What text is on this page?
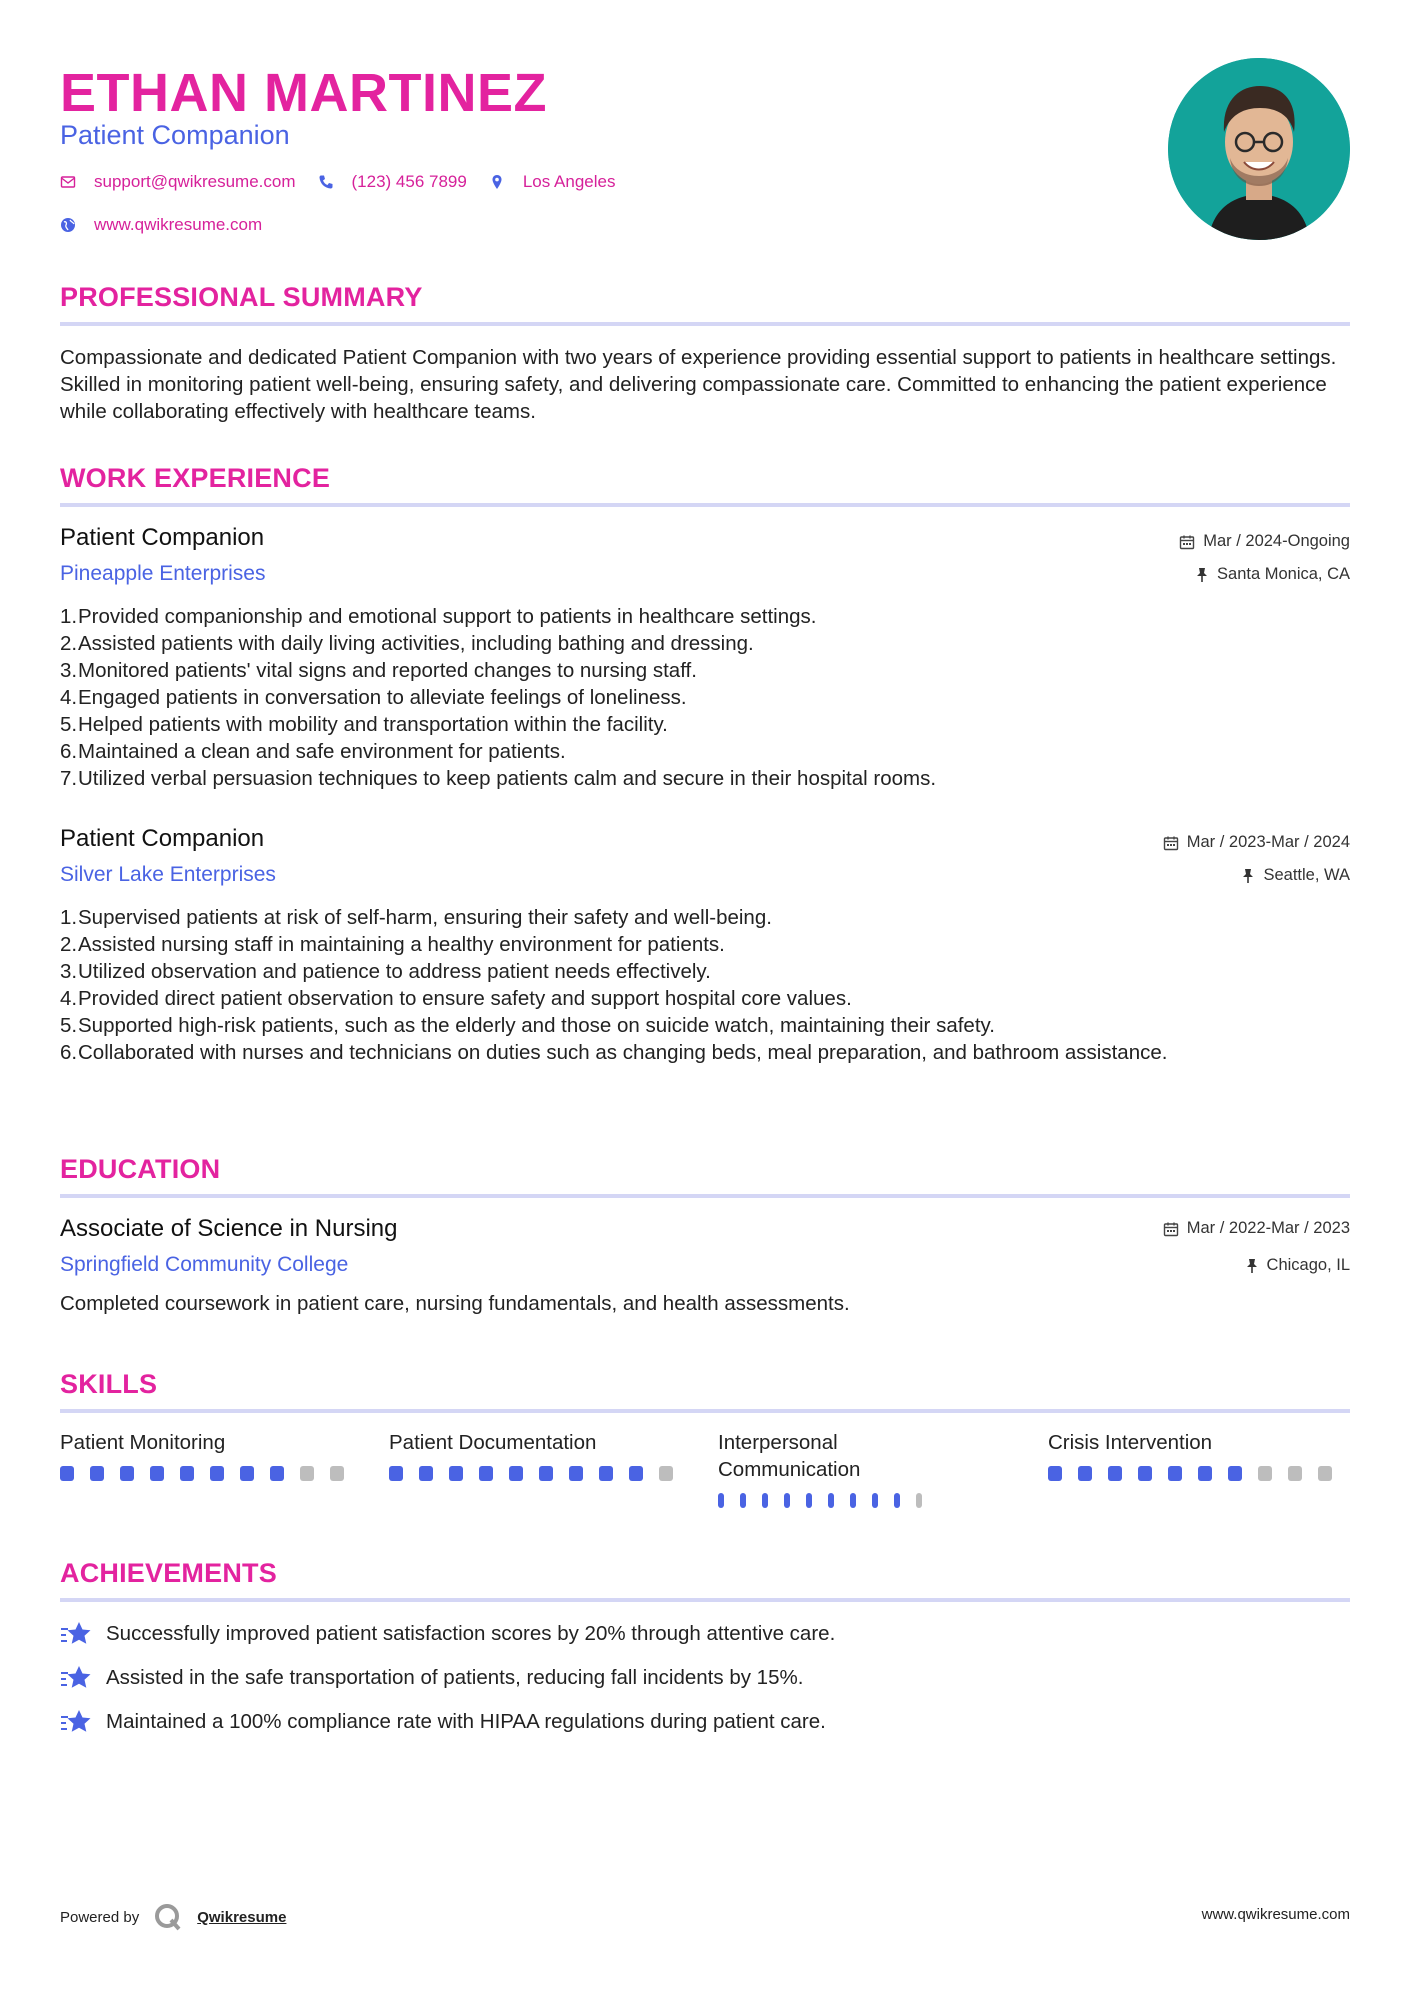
ETHAN MARTINEZ
Patient Companion
support@qwikresume.com	(123) 456 7899	Los Angeles
www.qwikresume.com
PROFESSIONAL SUMMARY
Compassionate and dedicated Patient Companion with two years of experience providing essential support to patients in healthcare settings. Skilled in monitoring patient well-being, ensuring safety, and delivering compassionate care. Committed to enhancing the patient experience while collaborating effectively with healthcare teams.
WORK EXPERIENCE
Patient Companion
Pineapple Enterprises
Mar / 2024-Ongoing
Santa Monica, CA
1. Provided companionship and emotional support to patients in healthcare settings.
2. Assisted patients with daily living activities, including bathing and dressing.
3. Monitored patients' vital signs and reported changes to nursing staff.
4. Engaged patients in conversation to alleviate feelings of loneliness.
5. Helped patients with mobility and transportation within the facility.
6. Maintained a clean and safe environment for patients.
7. Utilized verbal persuasion techniques to keep patients calm and secure in their hospital rooms.
Patient Companion
Silver Lake Enterprises
Mar / 2023-Mar / 2024
Seattle, WA
1. Supervised patients at risk of self-harm, ensuring their safety and well-being.
2. Assisted nursing staff in maintaining a healthy environment for patients.
3. Utilized observation and patience to address patient needs effectively.
4. Provided direct patient observation to ensure safety and support hospital core values.
5. Supported high-risk patients, such as the elderly and those on suicide watch, maintaining their safety.
6. Collaborated with nurses and technicians on duties such as changing beds, meal preparation, and bathroom assistance.
EDUCATION
Associate of Science in Nursing
Springfield Community College
Mar / 2022-Mar / 2023
Chicago, IL
Completed coursework in patient care, nursing fundamentals, and health assessments.
SKILLS
Patient Monitoring	Patient Documentation	Interpersonal Communication
Crisis Intervention
ACHIEVEMENTS
Successfully improved patient satisfaction scores by 20% through attentive care.
Assisted in the safe transportation of patients, reducing fall incidents by 15%.
Maintained a 100% compliance rate with HIPAA regulations during patient care.
Powered by	Qwikresume	www.qwikresume.com
